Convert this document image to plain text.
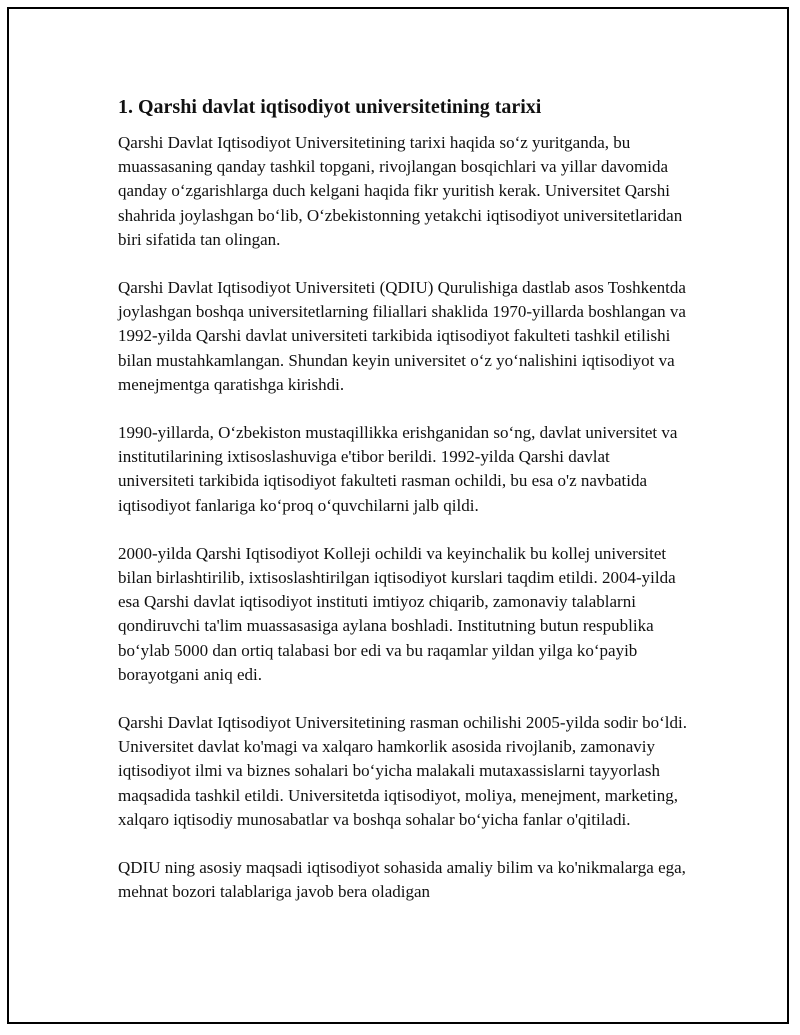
1. Qarshi davlat iqtisodiyot universitetining tarixi

Qarshi Davlat Iqtisodiyot Universitetining tarixi haqida so‘z yuritganda, bu muassasaning qanday tashkil topgani, rivojlangan bosqichlari va yillar davomida qanday o‘zgarishlarga duch kelgani haqida fikr yuritish kerak. Universitet Qarshi shahrida joylashgan bo‘lib, O‘zbekistonning yetakchi iqtisodiyot universitetlaridan biri sifatida tan olingan.

Qarshi Davlat Iqtisodiyot Universiteti (QDIU) Qurulishiga dastlab asos Toshkentda joylashgan boshqa universitetlarning filiallari shaklida 1970-yillarda boshlangan va 1992-yilda Qarshi davlat universiteti tarkibida iqtisodiyot fakulteti tashkil etilishi bilan mustahkamlangan. Shundan keyin universitet o‘z yo‘nalishini iqtisodiyot va menejmentga qaratishga kirishdi.

1990-yillarda, O‘zbekiston mustaqillikka erishganidan so‘ng, davlat universitet va institutilarining ixtisoslashuviga e'tibor berildi. 1992-yilda Qarshi davlat universiteti tarkibida iqtisodiyot fakulteti rasman ochildi, bu esa o'z navbatida iqtisodiyot fanlariga ko‘proq o‘quvchilarni jalb qildi.

2000-yilda Qarshi Iqtisodiyot Kolleji ochildi va keyinchalik bu kollej universitet bilan birlashtirilib, ixtisoslashtirilgan iqtisodiyot kurslari taqdim etildi. 2004-yilda esa Qarshi davlat iqtisodiyot instituti imtiyoz chiqarib, zamonaviy talablarni qondiruvchi ta'lim muassasasiga aylana boshladi. Institutning butun respublika bo‘ylab 5000 dan ortiq talabasi bor edi va bu raqamlar yildan yilga ko‘payib borayotgani aniq edi.

Qarshi Davlat Iqtisodiyot Universitetining rasman ochilishi 2005-yilda sodir bo‘ldi. Universitet davlat ko'magi va xalqaro hamkorlik asosida rivojlanib, zamonaviy iqtisodiyot ilmi va biznes sohalari bo‘yicha malakali mutaxassislarni tayyorlash maqsadida tashkil etildi. Universitetda iqtisodiyot, moliya, menejment, marketing, xalqaro iqtisodiy munosabatlar va boshqa sohalar bo‘yicha fanlar o'qitiladi.

QDIU ning asosiy maqsadi iqtisodiyot sohasida amaliy bilim va ko'nikmalarga ega, mehnat bozori talablariga javob bera oladigan
